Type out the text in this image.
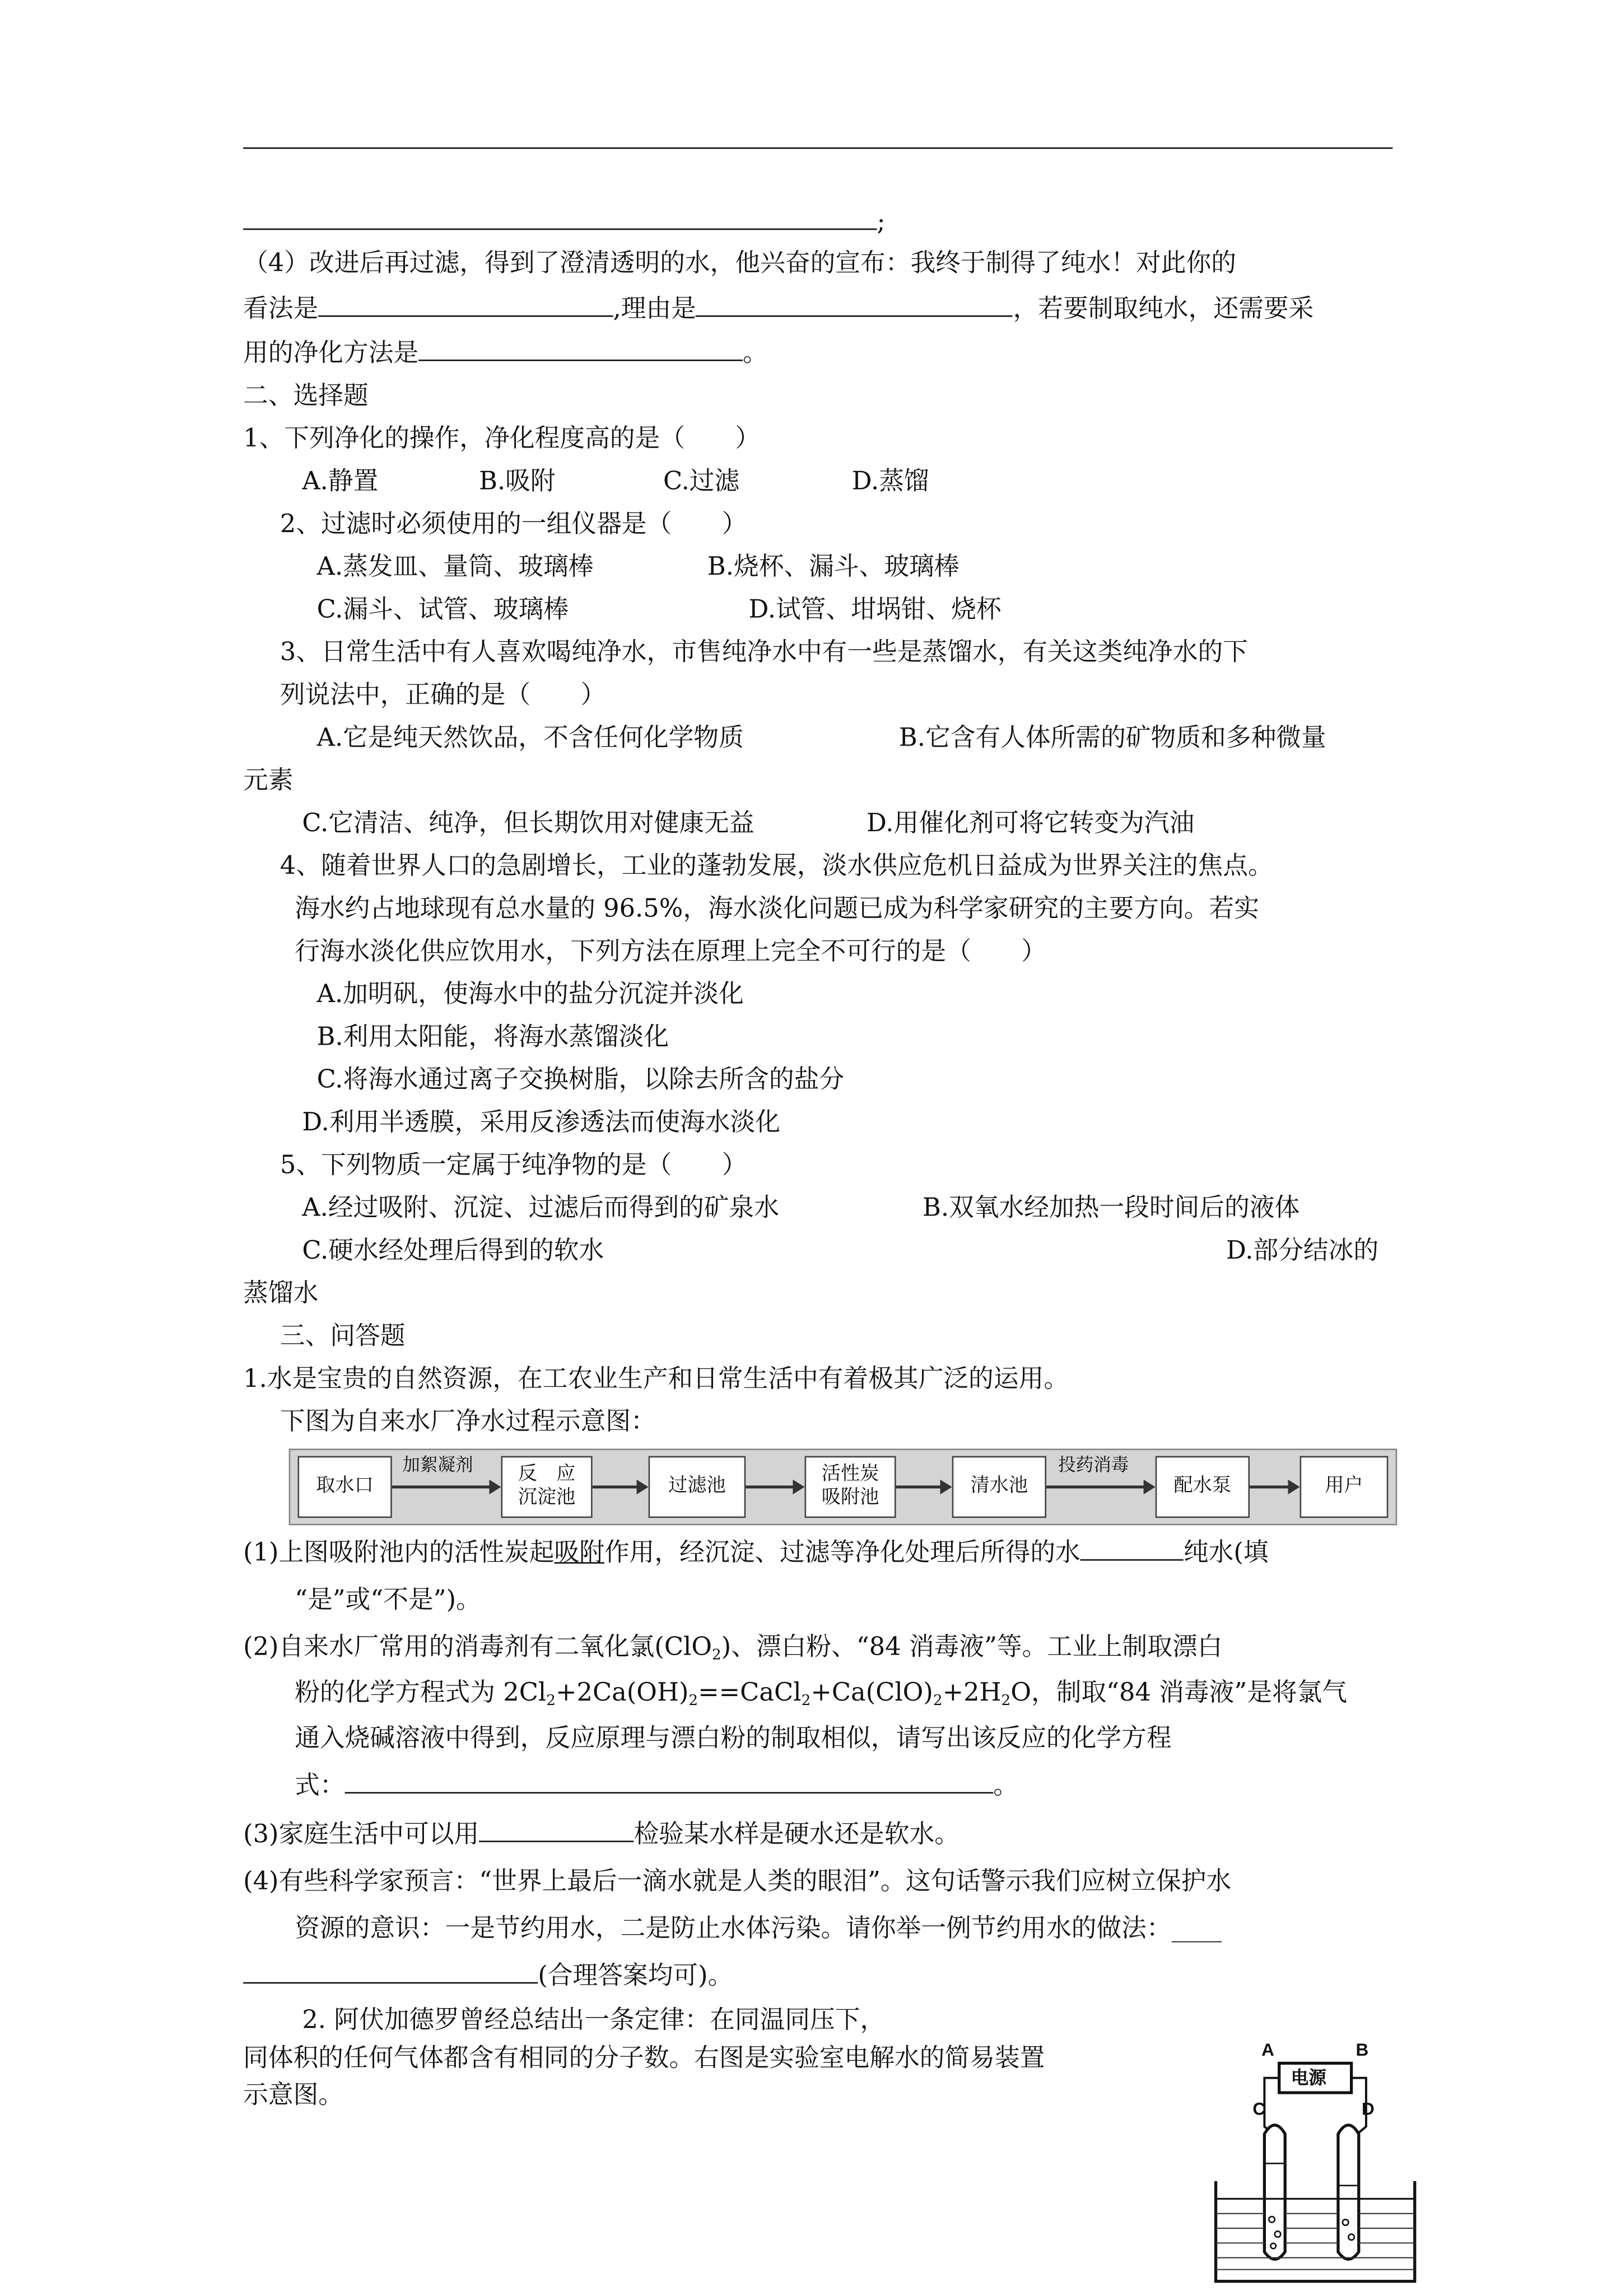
;
（4）改进后再过滤，得到了澄清透明的水，他兴奋的宣布：我终于制得了纯水！对此你的
看法是	,理由是	，若要制取纯水，还需要采
用的净化方法是	。
二、选择题
1、下列净化的操作，净化程度高的是（　　）
A.静置	B.吸附	C.过滤	D.蒸馏
2、过滤时必须使用的一组仪器是（　　）
A.蒸发皿、量筒、玻璃棒	B.烧杯、漏斗、玻璃棒
C.漏斗、试管、玻璃棒	D.试管、坩埚钳、烧杯
3、日常生活中有人喜欢喝纯净水，市售纯净水中有一些是蒸馏水，有关这类纯净水的下
列说法中，正确的是（　　）
A.它是纯天然饮品，不含任何化学物质	B.它含有人体所需的矿物质和多种微量
元素
C.它清洁、纯净，但长期饮用对健康无益	D.用催化剂可将它转变为汽油
4、随着世界人口的急剧增长，工业的蓬勃发展，淡水供应危机日益成为世界关注的焦点。
海水约占地球现有总水量的 96.5%，海水淡化问题已成为科学家研究的主要方向。若实
行海水淡化供应饮用水，下列方法在原理上完全不可行的是（　　）
A.加明矾，使海水中的盐分沉淀并淡化
B.利用太阳能，将海水蒸馏淡化
C.将海水通过离子交换树脂，以除去所含的盐分
D.利用半透膜，采用反渗透法而使海水淡化
5、下列物质一定属于纯净物的是（　　）
A.经过吸附、沉淀、过滤后而得到的矿泉水	B.双氧水经加热一段时间后的液体
C.硬水经处理后得到的软水	D.部分结冰的
蒸馏水
三、问答题
1.水是宝贵的自然资源，在工农业生产和日常生活中有着极其广泛的运用。
下图为自来水厂净水过程示意图：
取水口
加絮凝剂	反　应
沉淀池
过滤池
活性炭
吸附池
清水池
投药消毒
配水泵	用户
(1)上图吸附池内的活性炭起吸附作用，经沉淀、过滤等净化处理后所得的水	纯水(填
“是”或“不是”)。
(2)自来水厂常用的消毒剂有二氧化氯(ClO$_2$)、漂白粉、“84 消毒液”等。工业上制取漂白
粉的化学方程式为 $2Cl_2+2Ca(OH)_2==CaCl_2+Ca(ClO)_2+2H_2O$，制取“84 消毒液”是将氯气
通入烧碱溶液中得到，反应原理与漂白粉的制取相似，请写出该反应的化学方程
式：	。
(3)家庭生活中可以用	检验某水样是硬水还是软水。
(4)有些科学家预言：“世界上最后一滴水就是人类的眼泪”。这句话警示我们应树立保护水
资源的意识：一是节约用水，二是防止水体污染。请你举一例节约用水的做法：____
(合理答案均可)。
2. 阿伏加德罗曾经总结出一条定律：在同温同压下，
同体积的任何气体都含有相同的分子数。右图是实验室电解水的简易装置
示意图。
电源
A	B
C	D
